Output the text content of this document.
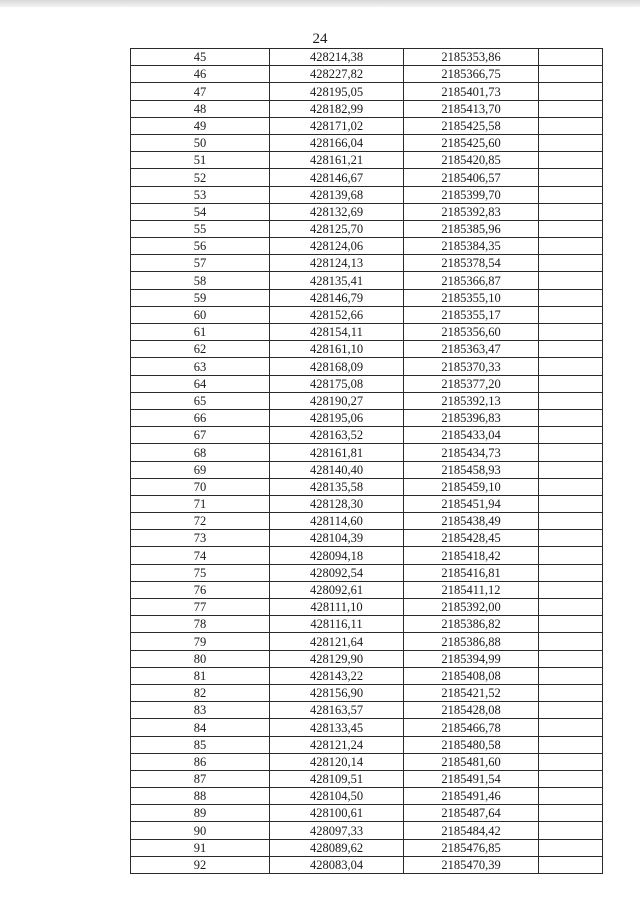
24
45	428214,38	2185353,86	
46	428227,82	2185366,75	
47	428195,05	2185401,73	
48	428182,99	2185413,70	
49	428171,02	2185425,58	
50	428166,04	2185425,60	
51	428161,21	2185420,85	
52	428146,67	2185406,57	
53	428139,68	2185399,70	
54	428132,69	2185392,83	
55	428125,70	2185385,96	
56	428124,06	2185384,35	
57	428124,13	2185378,54	
58	428135,41	2185366,87	
59	428146,79	2185355,10	
60	428152,66	2185355,17	
61	428154,11	2185356,60	
62	428161,10	2185363,47	
63	428168,09	2185370,33	
64	428175,08	2185377,20	
65	428190,27	2185392,13	
66	428195,06	2185396,83	
67	428163,52	2185433,04	
68	428161,81	2185434,73	
69	428140,40	2185458,93	
70	428135,58	2185459,10	
71	428128,30	2185451,94	
72	428114,60	2185438,49	
73	428104,39	2185428,45	
74	428094,18	2185418,42	
75	428092,54	2185416,81	
76	428092,61	2185411,12	
77	428111,10	2185392,00	
78	428116,11	2185386,82	
79	428121,64	2185386,88	
80	428129,90	2185394,99	
81	428143,22	2185408,08	
82	428156,90	2185421,52	
83	428163,57	2185428,08	
84	428133,45	2185466,78	
85	428121,24	2185480,58	
86	428120,14	2185481,60	
87	428109,51	2185491,54	
88	428104,50	2185491,46	
89	428100,61	2185487,64	
90	428097,33	2185484,42	
91	428089,62	2185476,85	
92	428083,04	2185470,39	
